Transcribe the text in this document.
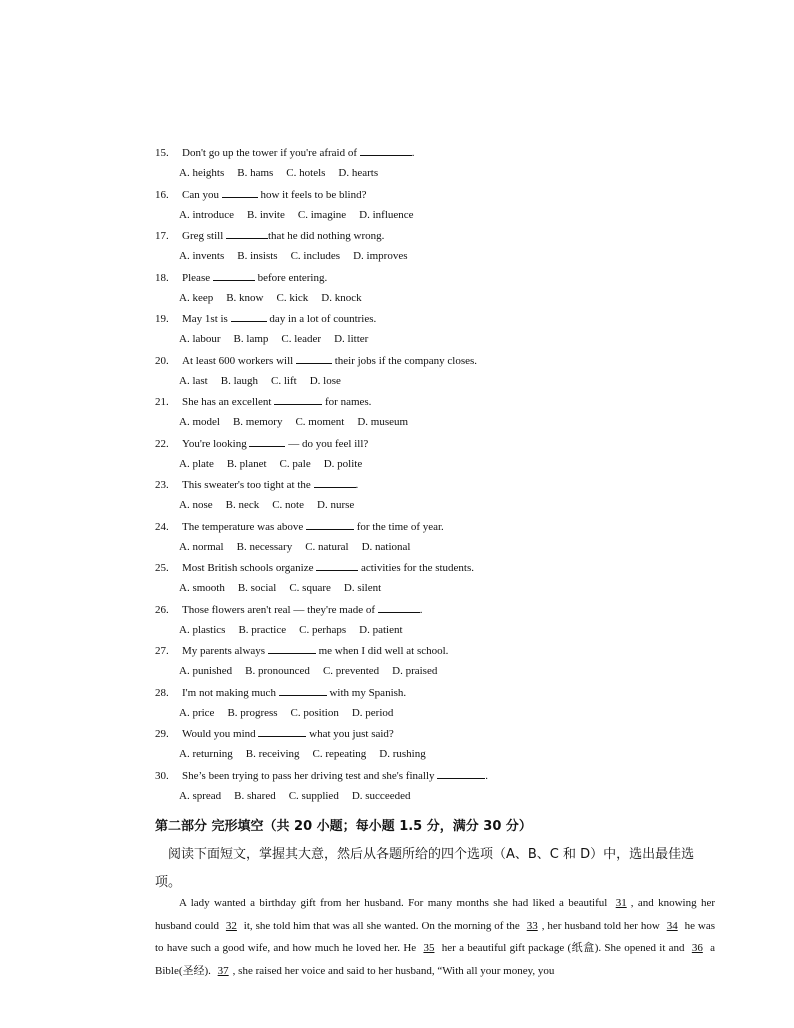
15. Don't go up the tower if you're afraid of	.
A. heights B. hams C. hotels D. hearts
16. Can you	how it feels to be blind?
A. introduce B. invite C. imagine D. influence
17. Greg still	that he did nothing wrong.
A. invents B. insists C. includes D. improves
18. Please	before entering.
A. keep B. know C. kick D. knock
19. May 1st is	day in a lot of countries.
A. labour B. lamp C. leader D. litter
20. At least 600 workers will	their jobs if the company closes.
A. last B. laugh C. lift D. lose
21. She has an excellent	for names.
A. model B. memory C. moment D. museum
22. You're looking	— do you feel ill?
A. plate B. planet C. pale D. polite
23. This sweater's too tight at the	.
A. nose B. neck C. note D. nurse
24. The temperature was above	for the time of year.
A. normal B. necessary C. natural D. national
25. Most British schools organize	activities for the students.
A. smooth B. social C. square D. silent
26. Those flowers aren't real — they're made of	.
A. plastics B. practice C. perhaps D. patient
27. My parents always	me when I did well at school.
A. punished B. pronounced C. prevented D. praised
28. I'm not making much	with my Spanish.
A. price B. progress C. position D. period
29. Would you mind	what you just said?
A. returning B. receiving C. repeating D. rushing
30. She’s been trying to pass her driving test and she's finally	.
A. spread B. shared C. supplied D. succeeded
第二部分 完形填空（共 20 小题；每小题 1.5 分，满分 30 分）
阅读下面短文，掌握其大意，然后从各题所给的四个选项（A、B、C 和 D）中，选出最佳选项。
A lady wanted a birthday gift from her husband. For many months she had liked a beautiful 31 , and knowing her husband could 32 it, she told him that was all she wanted. On the morning of the 33 , her husband told her how 34 he was to have such a good wife, and how much he loved her. He 35 her a beautiful gift package (纸盒). She opened it and 36 a Bible(圣经). 37 , she raised her voice and said to her husband, “With all your money, you
